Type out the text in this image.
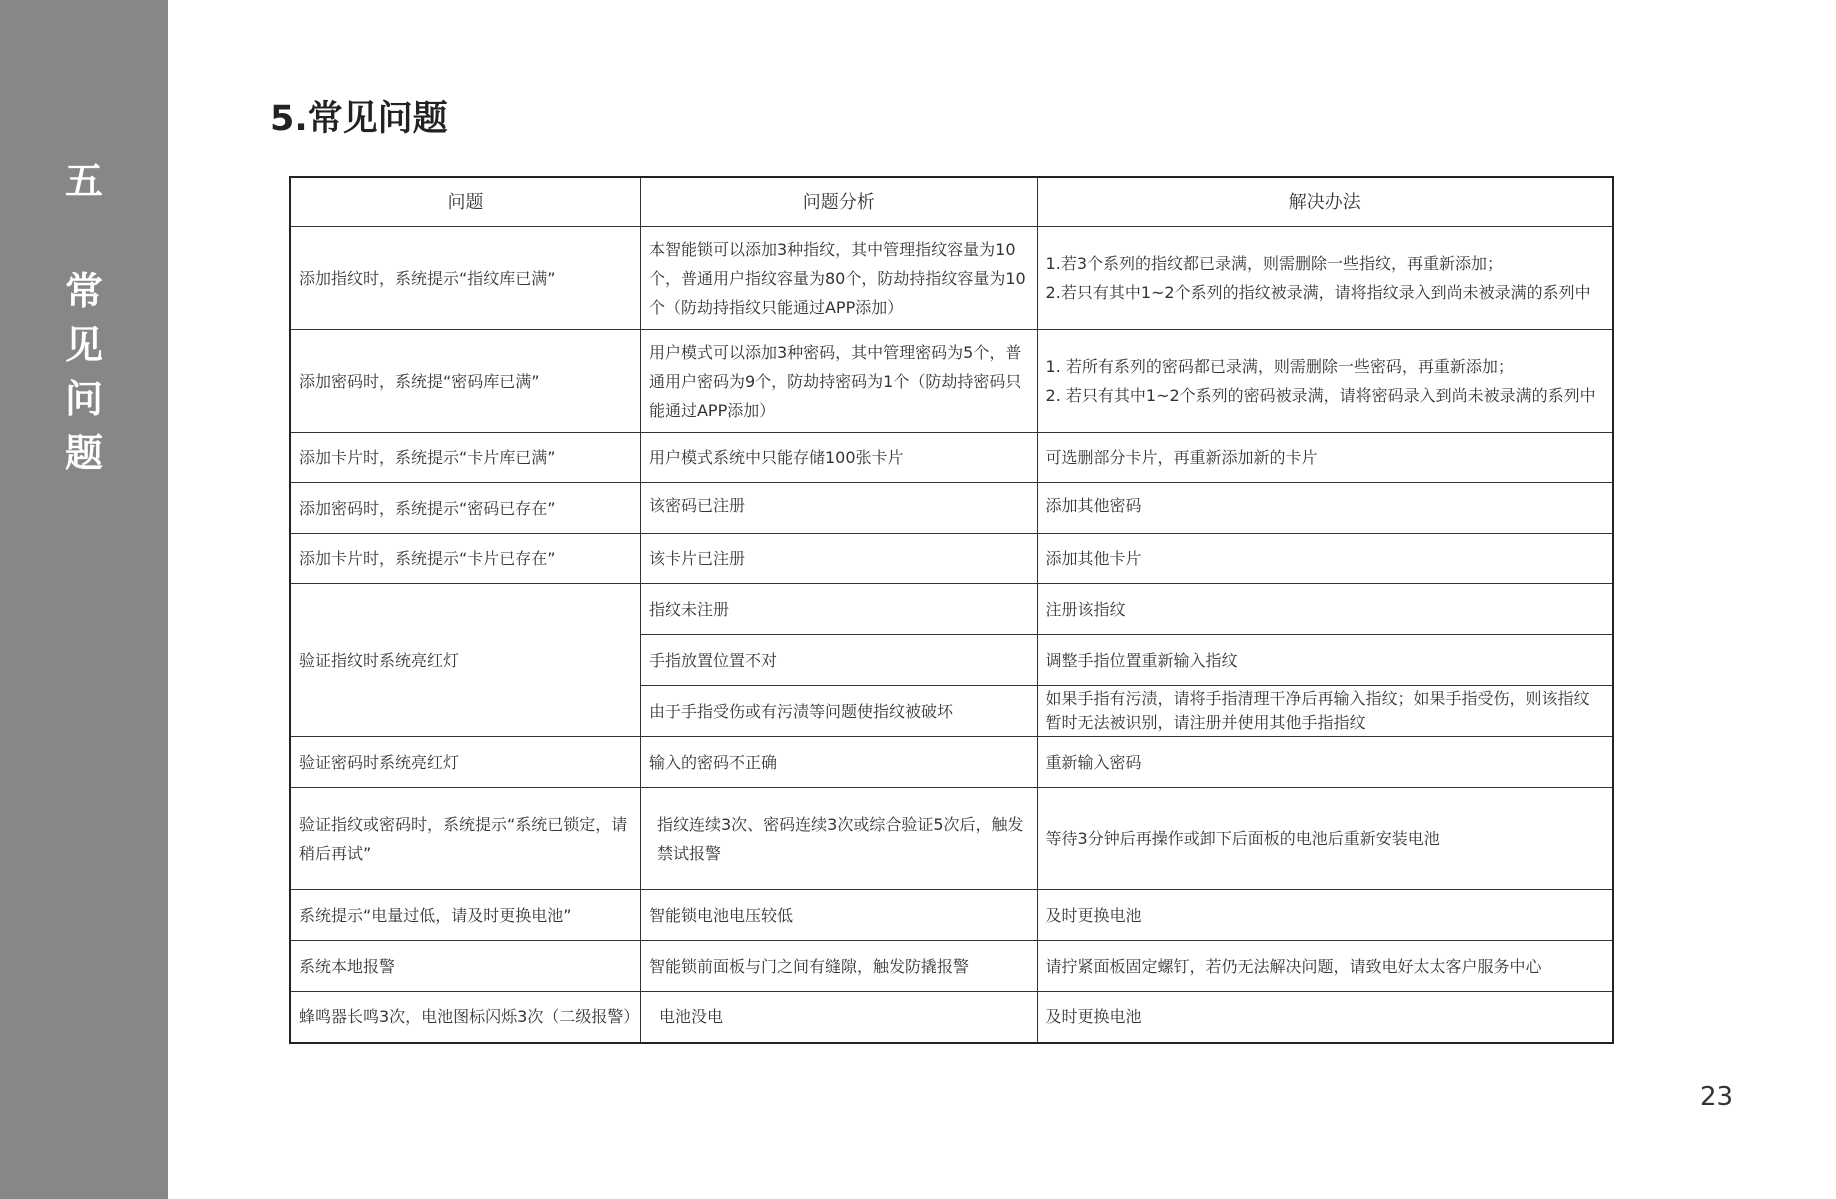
五
常
见
问
题
5.常见问题
问题	问题分析	解决办法
添加指纹时，系统提示“指纹库已满”	本智能锁可以添加3种指纹，其中管理指纹容量为10个，普通用户指纹容量为80个，防劫持指纹容量为10个（防劫持指纹只能通过APP添加）	1.若3个系列的指纹都已录满，则需删除一些指纹，再重新添加；
2.若只有其中1~2个系列的指纹被录满，请将指纹录入到尚未被录满的系列中
添加密码时，系统提“密码库已满”	用户模式可以添加3种密码，其中管理密码为5个，普通用户密码为9个，防劫持密码为1个（防劫持密码只能通过APP添加）	1. 若所有系列的密码都已录满，则需删除一些密码，再重新添加；
2. 若只有其中1~2个系列的密码被录满，请将密码录入到尚未被录满的系列中
添加卡片时，系统提示“卡片库已满”	用户模式系统中只能存储100张卡片	可选删部分卡片，再重新添加新的卡片
添加密码时，系统提示“密码已存在”	该密码已注册	添加其他密码
添加卡片时，系统提示“卡片已存在”	该卡片已注册	添加其他卡片
验证指纹时系统亮红灯	指纹未注册	注册该指纹
	手指放置位置不对	调整手指位置重新输入指纹
	由于手指受伤或有污渍等问题使指纹被破坏	如果手指有污渍，请将手指清理干净后再输入指纹；如果手指受伤，则该指纹暂时无法被识别，请注册并使用其他手指指纹
验证密码时系统亮红灯	输入的密码不正确	重新输入密码
验证指纹或密码时，系统提示“系统已锁定，请稍后再试”	指纹连续3次、密码连续3次或综合验证5次后，触发禁试报警	等待3分钟后再操作或卸下后面板的电池后重新安装电池
系统提示“电量过低，请及时更换电池”	智能锁电池电压较低	及时更换电池
系统本地报警	智能锁前面板与门之间有缝隙，触发防撬报警	请拧紧面板固定螺钉，若仍无法解决问题，请致电好太太客户服务中心
蜂鸣器长鸣3次，电池图标闪烁3次（二级报警）	电池没电	及时更换电池
23
